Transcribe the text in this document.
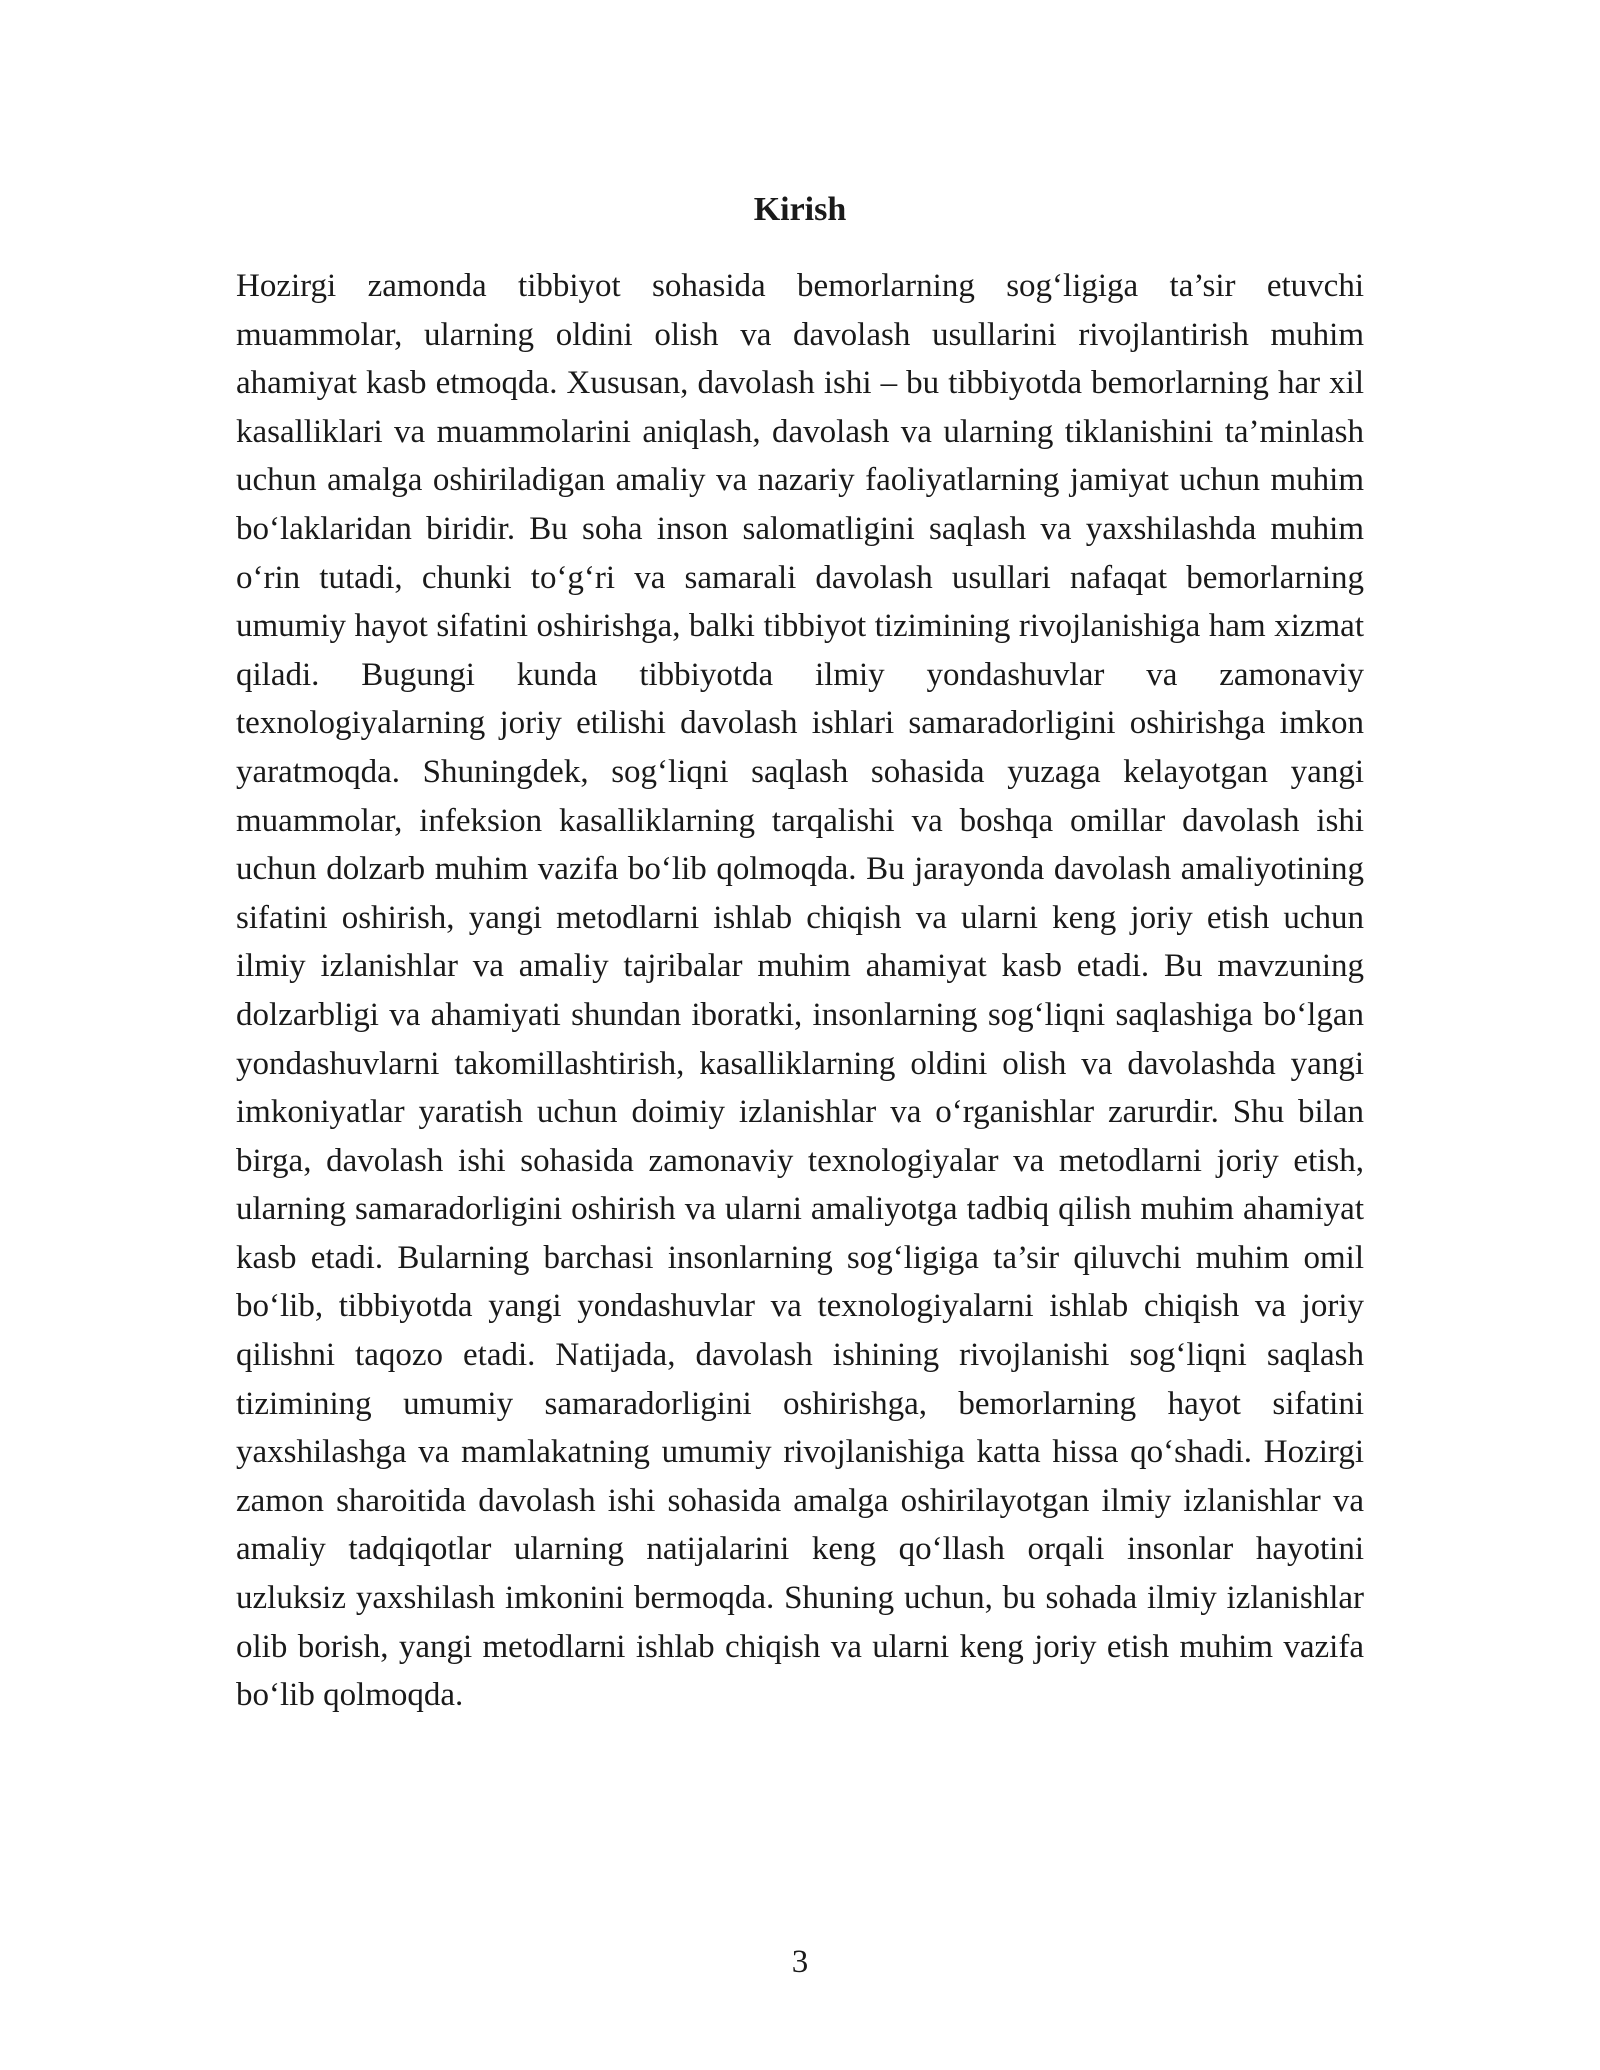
Kirish

Hozirgi zamonda tibbiyot sohasida bemorlarning sog‘ligiga ta’sir etuvchi muammolar, ularning oldini olish va davolash usullarini rivojlantirish muhim ahamiyat kasb etmoqda. Xususan, davolash ishi – bu tibbiyotda bemorlarning har xil kasalliklari va muammolarini aniqlash, davolash va ularning tiklanishini ta’minlash uchun amalga oshiriladigan amaliy va nazariy faoliyatlarning jamiyat uchun muhim bo‘laklaridan biridir. Bu soha inson salomatligini saqlash va yaxshilashda muhim o‘rin tutadi, chunki to‘g‘ri va samarali davolash usullari nafaqat bemorlarning umumiy hayot sifatini oshirishga, balki tibbiyot tizimining rivojlanishiga ham xizmat qiladi. Bugungi kunda tibbiyotda ilmiy yondashuvlar va zamonaviy texnologiyalarning joriy etilishi davolash ishlari samaradorligini oshirishga imkon yaratmoqda. Shuningdek, sog‘liqni saqlash sohasida yuzaga kelayotgan yangi muammolar, infeksion kasalliklarning tarqalishi va boshqa omillar davolash ishi uchun dolzarb muhim vazifa bo‘lib qolmoqda. Bu jarayonda davolash amaliyotining sifatini oshirish, yangi metodlarni ishlab chiqish va ularni keng joriy etish uchun ilmiy izlanishlar va amaliy tajribalar muhim ahamiyat kasb etadi. Bu mavzuning dolzarbligi va ahamiyati shundan iboratki, insonlarning sog‘liqni saqlashiga bo‘lgan yondashuvlarni takomillashtirish, kasalliklarning oldini olish va davolashda yangi imkoniyatlar yaratish uchun doimiy izlanishlar va o‘rganishlar zarurdir. Shu bilan birga, davolash ishi sohasida zamonaviy texnologiyalar va metodlarni joriy etish, ularning samaradorligini oshirish va ularni amaliyotga tadbiq qilish muhim ahamiyat kasb etadi. Bularning barchasi insonlarning sog‘ligiga ta’sir qiluvchi muhim omil bo‘lib, tibbiyotda yangi yondashuvlar va texnologiyalarni ishlab chiqish va joriy qilishni taqozo etadi. Natijada, davolash ishining rivojlanishi sog‘liqni saqlash tizimining umumiy samaradorligini oshirishga, bemorlarning hayot sifatini yaxshilashga va mamlakatning umumiy rivojlanishiga katta hissa qo‘shadi. Hozirgi zamon sharoitida davolash ishi sohasida amalga oshirilayotgan ilmiy izlanishlar va amaliy tadqiqotlar ularning natijalarini keng qo‘llash orqali insonlar hayotini uzluksiz yaxshilash imkonini bermoqda. Shuning uchun, bu sohada ilmiy izlanishlar olib borish, yangi metodlarni ishlab chiqish va ularni keng joriy etish muhim vazifa bo‘lib qolmoqda.

3
